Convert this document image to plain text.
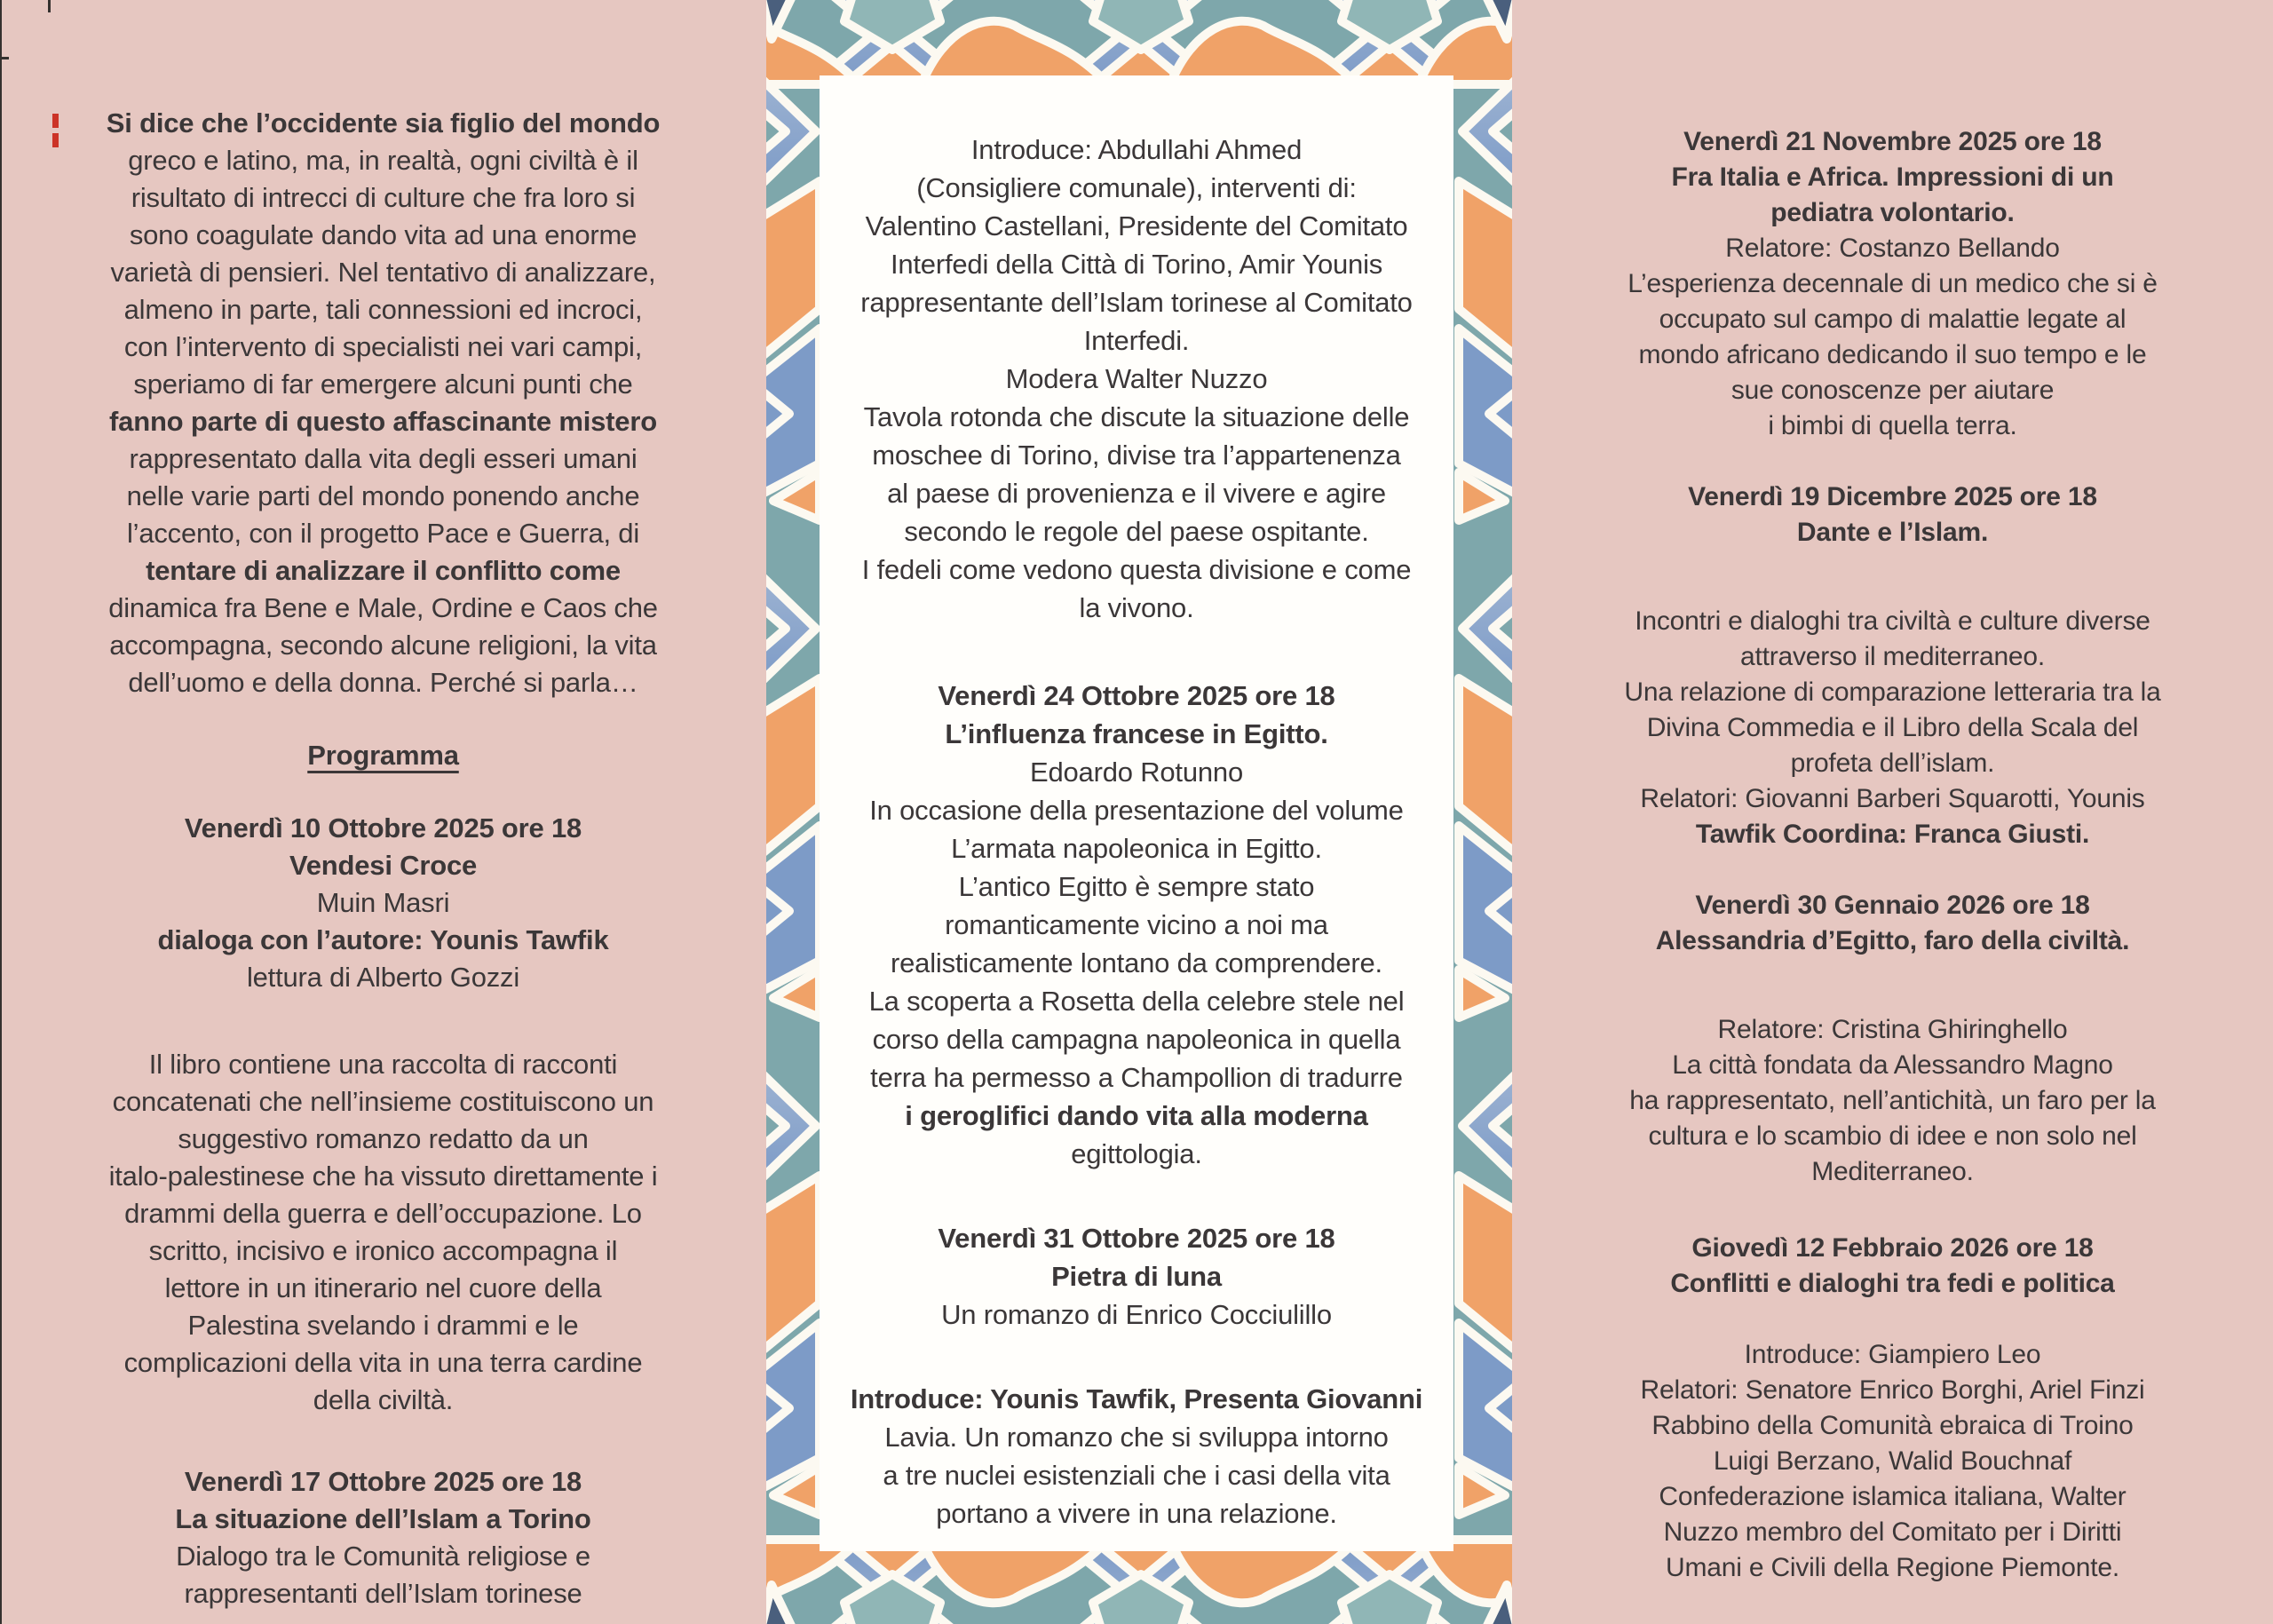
Si dice che l’occidente sia figlio del mondo
greco e latino, ma, in realtà, ogni civiltà è il
risultato di intrecci di culture che fra loro si
sono coagulate dando vita ad una enorme
varietà di pensieri. Nel tentativo di analizzare,
almeno in parte, tali connessioni ed incroci,
con l’intervento di specialisti nei vari campi,
speriamo di far emergere alcuni punti che
fanno parte di questo affascinante mistero
rappresentato dalla vita degli esseri umani
nelle varie parti del mondo ponendo anche
l’accento, con il progetto Pace e Guerra, di
tentare di analizzare il conflitto come
dinamica fra Bene e Male, Ordine e Caos che
accompagna, secondo alcune religioni, la vita
dell’uomo e della donna. Perché si parla…
Programma
Venerdì 10 Ottobre 2025 ore 18
Vendesi Croce
Muin Masri
dialoga con l’autore: Younis Tawfik
lettura di Alberto Gozzi
Il libro contiene una raccolta di racconti
concatenati che nell’insieme costituiscono un
suggestivo romanzo redatto da un
italo-palestinese che ha vissuto direttamente i
drammi della guerra e dell’occupazione. Lo
scritto, incisivo e ironico accompagna il
lettore in un itinerario nel cuore della
Palestina svelando i drammi e le
complicazioni della vita in una terra cardine
della civiltà.
Venerdì 17 Ottobre 2025 ore 18
La situazione dell’Islam a Torino
Dialogo tra le Comunità religiose e
rappresentanti dell’Islam torinese
Introduce: Abdullahi Ahmed
(Consigliere comunale), interventi di:
Valentino Castellani, Presidente del Comitato
Interfedi della Città di Torino, Amir Younis
rappresentante dell’Islam torinese al Comitato
Interfedi.
Modera Walter Nuzzo
Tavola rotonda che discute la situazione delle
moschee di Torino, divise tra l’appartenenza
al paese di provenienza e il vivere e agire
secondo le regole del paese ospitante.
I fedeli come vedono questa divisione e come
la vivono.
Venerdì 24 Ottobre 2025 ore 18
L’influenza francese in Egitto.
Edoardo Rotunno
In occasione della presentazione del volume
L’armata napoleonica in Egitto.
L’antico Egitto è sempre stato
romanticamente vicino a noi ma
realisticamente lontano da comprendere.
La scoperta a Rosetta della celebre stele nel
corso della campagna napoleonica in quella
terra ha permesso a Champollion di tradurre
i geroglifici dando vita alla moderna
egittologia.
Venerdì 31 Ottobre 2025 ore 18
Pietra di luna
Un romanzo di Enrico Cocciulillo
Introduce: Younis Tawfik, Presenta Giovanni
Lavia. Un romanzo che si sviluppa intorno
a tre nuclei esistenziali che i casi della vita
portano a vivere in una relazione.
Venerdì 21 Novembre 2025 ore 18
Fra Italia e Africa. Impressioni di un
pediatra volontario.
Relatore: Costanzo Bellando
L’esperienza decennale di un medico che si è
occupato sul campo di malattie legate al
mondo africano dedicando il suo tempo e le
sue conoscenze per aiutare
i bimbi di quella terra.
Venerdì 19 Dicembre 2025 ore 18
Dante e l’Islam.
Incontri e dialoghi tra civiltà e culture diverse
attraverso il mediterraneo.
Una relazione di comparazione letteraria tra la
Divina Commedia e il Libro della Scala del
profeta dell’islam.
Relatori: Giovanni Barberi Squarotti, Younis
Tawfik Coordina: Franca Giusti.
Venerdì 30 Gennaio 2026 ore 18
Alessandria d’Egitto, faro della civiltà.
Relatore: Cristina Ghiringhello
La città fondata da Alessandro Magno
ha rappresentato, nell’antichità, un faro per la
cultura e lo scambio di idee e non solo nel
Mediterraneo.
Giovedì 12 Febbraio 2026 ore 18
Conflitti e dialoghi tra fedi e politica
Introduce: Giampiero Leo
Relatori: Senatore Enrico Borghi, Ariel Finzi
Rabbino della Comunità ebraica di Troino
Luigi Berzano, Walid Bouchnaf
Confederazione islamica italiana, Walter
Nuzzo membro del Comitato per i Diritti
Umani e Civili della Regione Piemonte.
